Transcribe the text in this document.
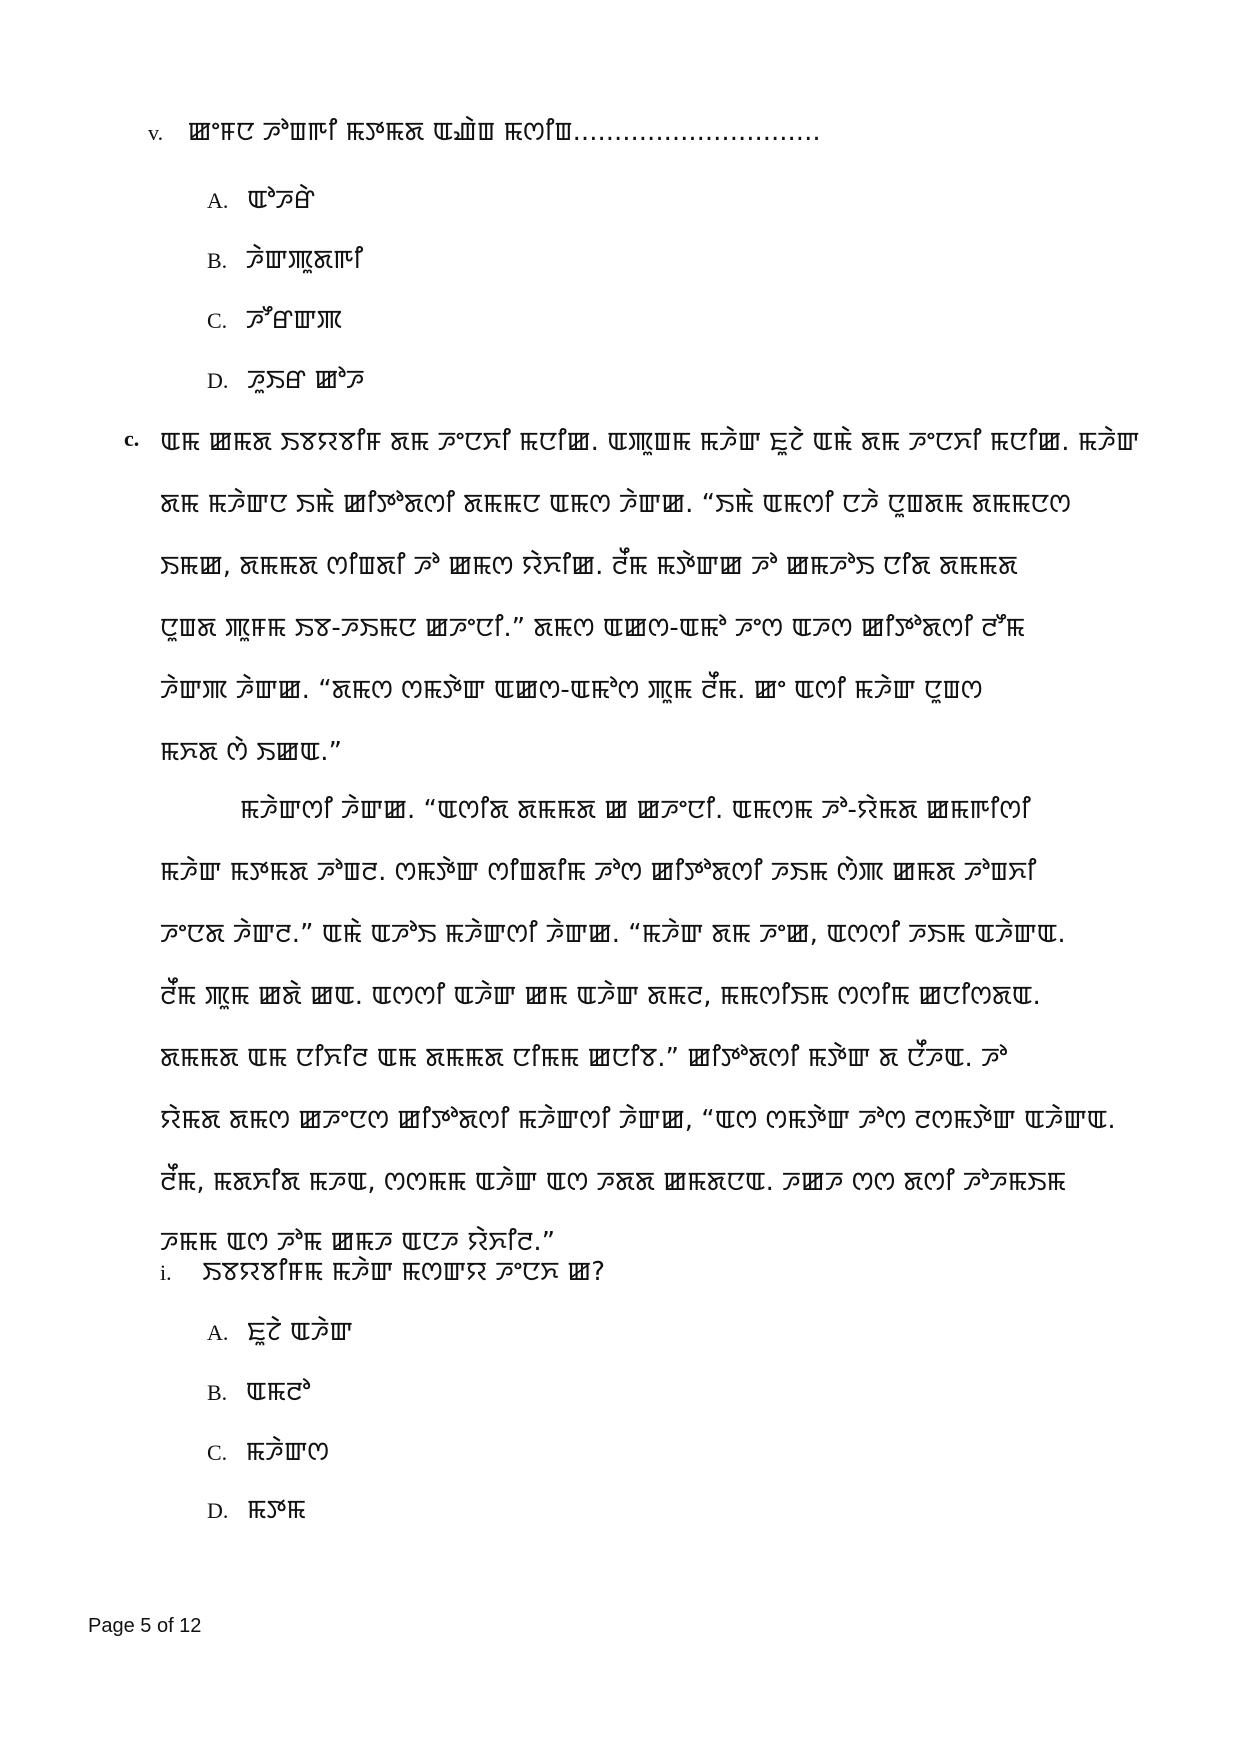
v. ꯀꯦꯝꯅ ꯍꯣꯡꯒꯤ ꯃꯇꯃꯗ ꯑꯉꯥꯡ ꯃꯁꯤꯡ..............................
A. ꯑꯣꯍꯔꯥ
B. ꯍꯥꯛꯄꯨꯗꯒꯤ
C. ꯍꯧꯔꯛꯄ
D. ꯍꯨꯏꯔ ꯀꯣꯍ
c. ꯑꯃ ꯀꯃꯗ ꯏꯕꯌꯕꯤꯝ ꯗꯃ ꯍꯦꯅꯈꯤ ꯃꯅꯤꯀ. ꯑꯄꯨꯡꯃ ꯃꯍꯥꯛ ꯐꯨꯖꯥ ꯑꯃꯥ ꯗꯃ ꯍꯦꯅꯈꯤ ꯃꯅꯤꯀ. ꯃꯍꯥꯛ
ꯗꯃ ꯃꯍꯥꯛꯅ ꯏꯃꯥ ꯀꯤꯇꯣꯗꯁꯤ ꯗꯃꯃꯅ ꯑꯃꯁ ꯍꯥꯛꯀ. “ꯏꯃꯥ ꯑꯃꯁꯤ ꯅꯍꯥ ꯅꯨꯡꯗꯃ ꯗꯃꯃꯅꯁ
ꯏꯃꯀ, ꯗꯃꯃꯗ ꯁꯤꯡꯗꯤ ꯍꯣ ꯀꯃꯁ ꯌꯥꯈꯤꯀ. ꯂꯩꯃ ꯃꯇꯥꯛꯀ ꯍꯣ ꯀꯃꯍꯣꯏ ꯅꯤꯗ ꯗꯃꯃꯗ
ꯅꯨꯡꯗ ꯄꯨꯝꯃ ꯏꯕ-ꯍꯏꯃꯅ ꯀꯍꯦꯅꯤ.” ꯗꯃꯁ ꯑꯀꯁ-ꯑꯃꯣ ꯍꯦꯁ ꯑꯍꯁ ꯀꯤꯇꯣꯗꯁꯤ ꯂꯧꯃ
ꯍꯥꯛꯄ ꯍꯥꯛꯀ. “ꯗꯃꯁ ꯁꯃꯇꯥꯛ ꯑꯀꯁ-ꯑꯃꯣꯁ ꯄꯨꯃ ꯂꯩꯃ. ꯀꯦ ꯑꯁꯤ ꯃꯍꯥꯛ ꯅꯨꯡꯁ
ꯃꯈꯗ ꯁꯥ ꯏꯀꯑ.”
ꯃꯍꯥꯛꯁꯤ ꯍꯥꯛꯀ. “ꯑꯁꯤꯗ ꯗꯃꯃꯗ ꯀ ꯀꯍꯦꯅꯤ. ꯑꯃꯁꯃ ꯍꯣ-ꯌꯥꯃꯗ ꯀꯃꯒꯤꯁꯤ
ꯃꯍꯥꯛ ꯃꯇꯃꯗ ꯍꯣꯡꯂ. ꯁꯃꯇꯥꯛ ꯁꯤꯡꯗꯤꯃ ꯍꯣꯁ ꯀꯤꯇꯣꯗꯁꯤ ꯍꯏꯃ ꯁꯥꯄ ꯀꯃꯗ ꯍꯣꯡꯈꯤ
ꯍꯦꯅꯗ ꯍꯥꯛꯂ.” ꯑꯃꯥ ꯑꯍꯣꯏ ꯃꯍꯥꯛꯁꯤ ꯍꯥꯛꯀ. “ꯃꯍꯥꯛ ꯗꯃ ꯍꯦꯀ, ꯑꯁꯁꯤ ꯍꯏꯃ ꯑꯍꯥꯛꯑ.
ꯂꯩꯃ ꯄꯨꯃ ꯀꯗꯥ ꯀꯑ. ꯑꯁꯁꯤ ꯑꯍꯥꯛ ꯀꯃ ꯑꯍꯥꯛ ꯗꯃꯂ, ꯃꯃꯁꯤꯏꯃ ꯁꯁꯤꯃ ꯀꯅꯤꯁꯗꯑ.
ꯗꯃꯃꯗ ꯑꯃ ꯅꯤꯈꯤꯂ ꯑꯃ ꯗꯃꯃꯗ ꯅꯤꯃꯃ ꯀꯅꯤꯕ.” ꯀꯤꯇꯣꯗꯁꯤ ꯃꯇꯥꯛ ꯗ ꯅꯩꯍꯑ. ꯍꯣ
ꯌꯥꯃꯗ ꯗꯃꯁ ꯀꯍꯦꯅꯁ ꯀꯤꯇꯣꯗꯁꯤ ꯃꯍꯥꯛꯁꯤ ꯍꯥꯛꯀ, “ꯑꯁ ꯁꯃꯇꯥꯛ ꯍꯣꯁ ꯂꯁꯃꯇꯥꯛ ꯑꯍꯥꯛꯑ.
ꯂꯩꯃ, ꯃꯗꯈꯤꯗ ꯃꯍꯑ, ꯁꯁꯃꯃ ꯑꯍꯥꯛ ꯑꯁ ꯍꯗꯗ ꯀꯃꯗꯅꯑ. ꯍꯀꯍ ꯁꯁ ꯗꯁꯤ ꯍꯣꯍꯃꯏꯃ
ꯍꯃꯃ ꯑꯁ ꯍꯣꯃ ꯀꯃꯍ ꯑꯅꯍ ꯌꯥꯈꯤꯂ.”
i. ꯏꯕꯌꯕꯤꯝꯃ ꯃꯍꯥꯛ ꯃꯁꯛꯌ ꯍꯦꯅꯈ ꯀ?
A. ꯐꯨꯖꯥ ꯑꯍꯥꯛ
B. ꯑꯃꯂꯣ
C. ꯃꯍꯥꯛꯁ
D. ꯃꯇꯃ
Page 5 of 12
